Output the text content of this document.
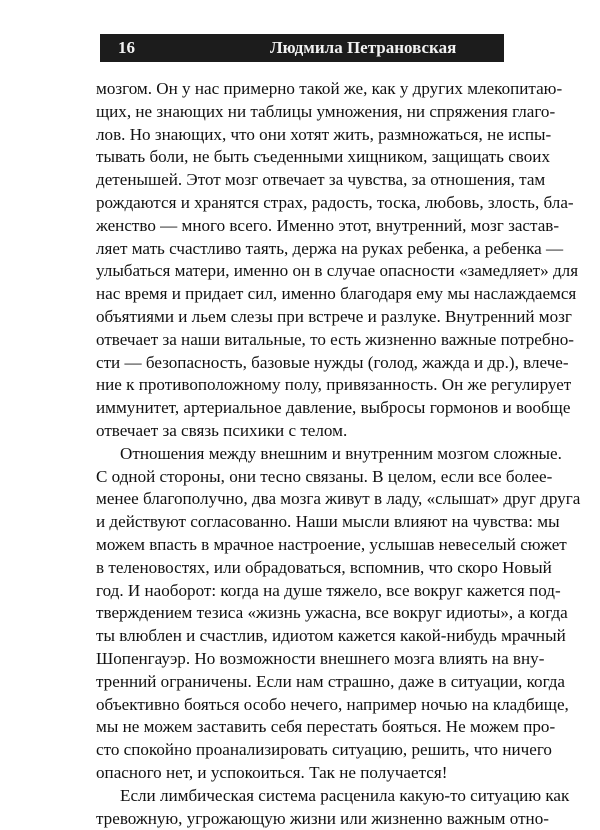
16	Людмила Петрановская
мозгом. Он у нас примерно такой же, как у других млекопитаю-
щих, не знающих ни таблицы умножения, ни спряжения глаго-
лов. Но знающих, что они хотят жить, размножаться, не испы-
тывать боли, не быть съеденными хищником, защищать своих
детенышей. Этот мозг отвечает за чувства, за отношения, там
рождаются и хранятся страх, радость, тоска, любовь, злость, бла-
женство — много всего. Именно этот, внутренний, мозг застав-
ляет мать счастливо таять, держа на руках ребенка, а ребенка —
улыбаться матери, именно он в случае опасности «замедляет» для
нас время и придает сил, именно благодаря ему мы наслаждаемся
объятиями и льем слезы при встрече и разлуке. Внутренний мозг
отвечает за наши витальные, то есть жизненно важные потребно-
сти — безопасность, базовые нужды (голод, жажда и др.), влече-
ние к противоположному полу, привязанность. Он же регулирует
иммунитет, артериальное давление, выбросы гормонов и вообще
отвечает за связь психики с телом.
Отношения между внешним и внутренним мозгом сложные.
С одной стороны, они тесно связаны. В целом, если все более-
менее благополучно, два мозга живут в ладу, «слышат» друг друга
и действуют согласованно. Наши мысли влияют на чувства: мы
можем впасть в мрачное настроение, услышав невеселый сюжет
в теленовостях, или обрадоваться, вспомнив, что скоро Новый
год. И наоборот: когда на душе тяжело, все вокруг кажется под-
тверждением тезиса «жизнь ужасна, все вокруг идиоты», а когда
ты влюблен и счастлив, идиотом кажется какой-нибудь мрачный
Шопенгауэр. Но возможности внешнего мозга влиять на вну-
тренний ограничены. Если нам страшно, даже в ситуации, когда
объективно бояться особо нечего, например ночью на кладбище,
мы не можем заставить себя перестать бояться. Не можем про-
сто спокойно проанализировать ситуацию, решить, что ничего
опасного нет, и успокоиться. Так не получается!
Если лимбическая система расценила какую-то ситуацию как
тревожную, угрожающую жизни или жизненно важным отно-
